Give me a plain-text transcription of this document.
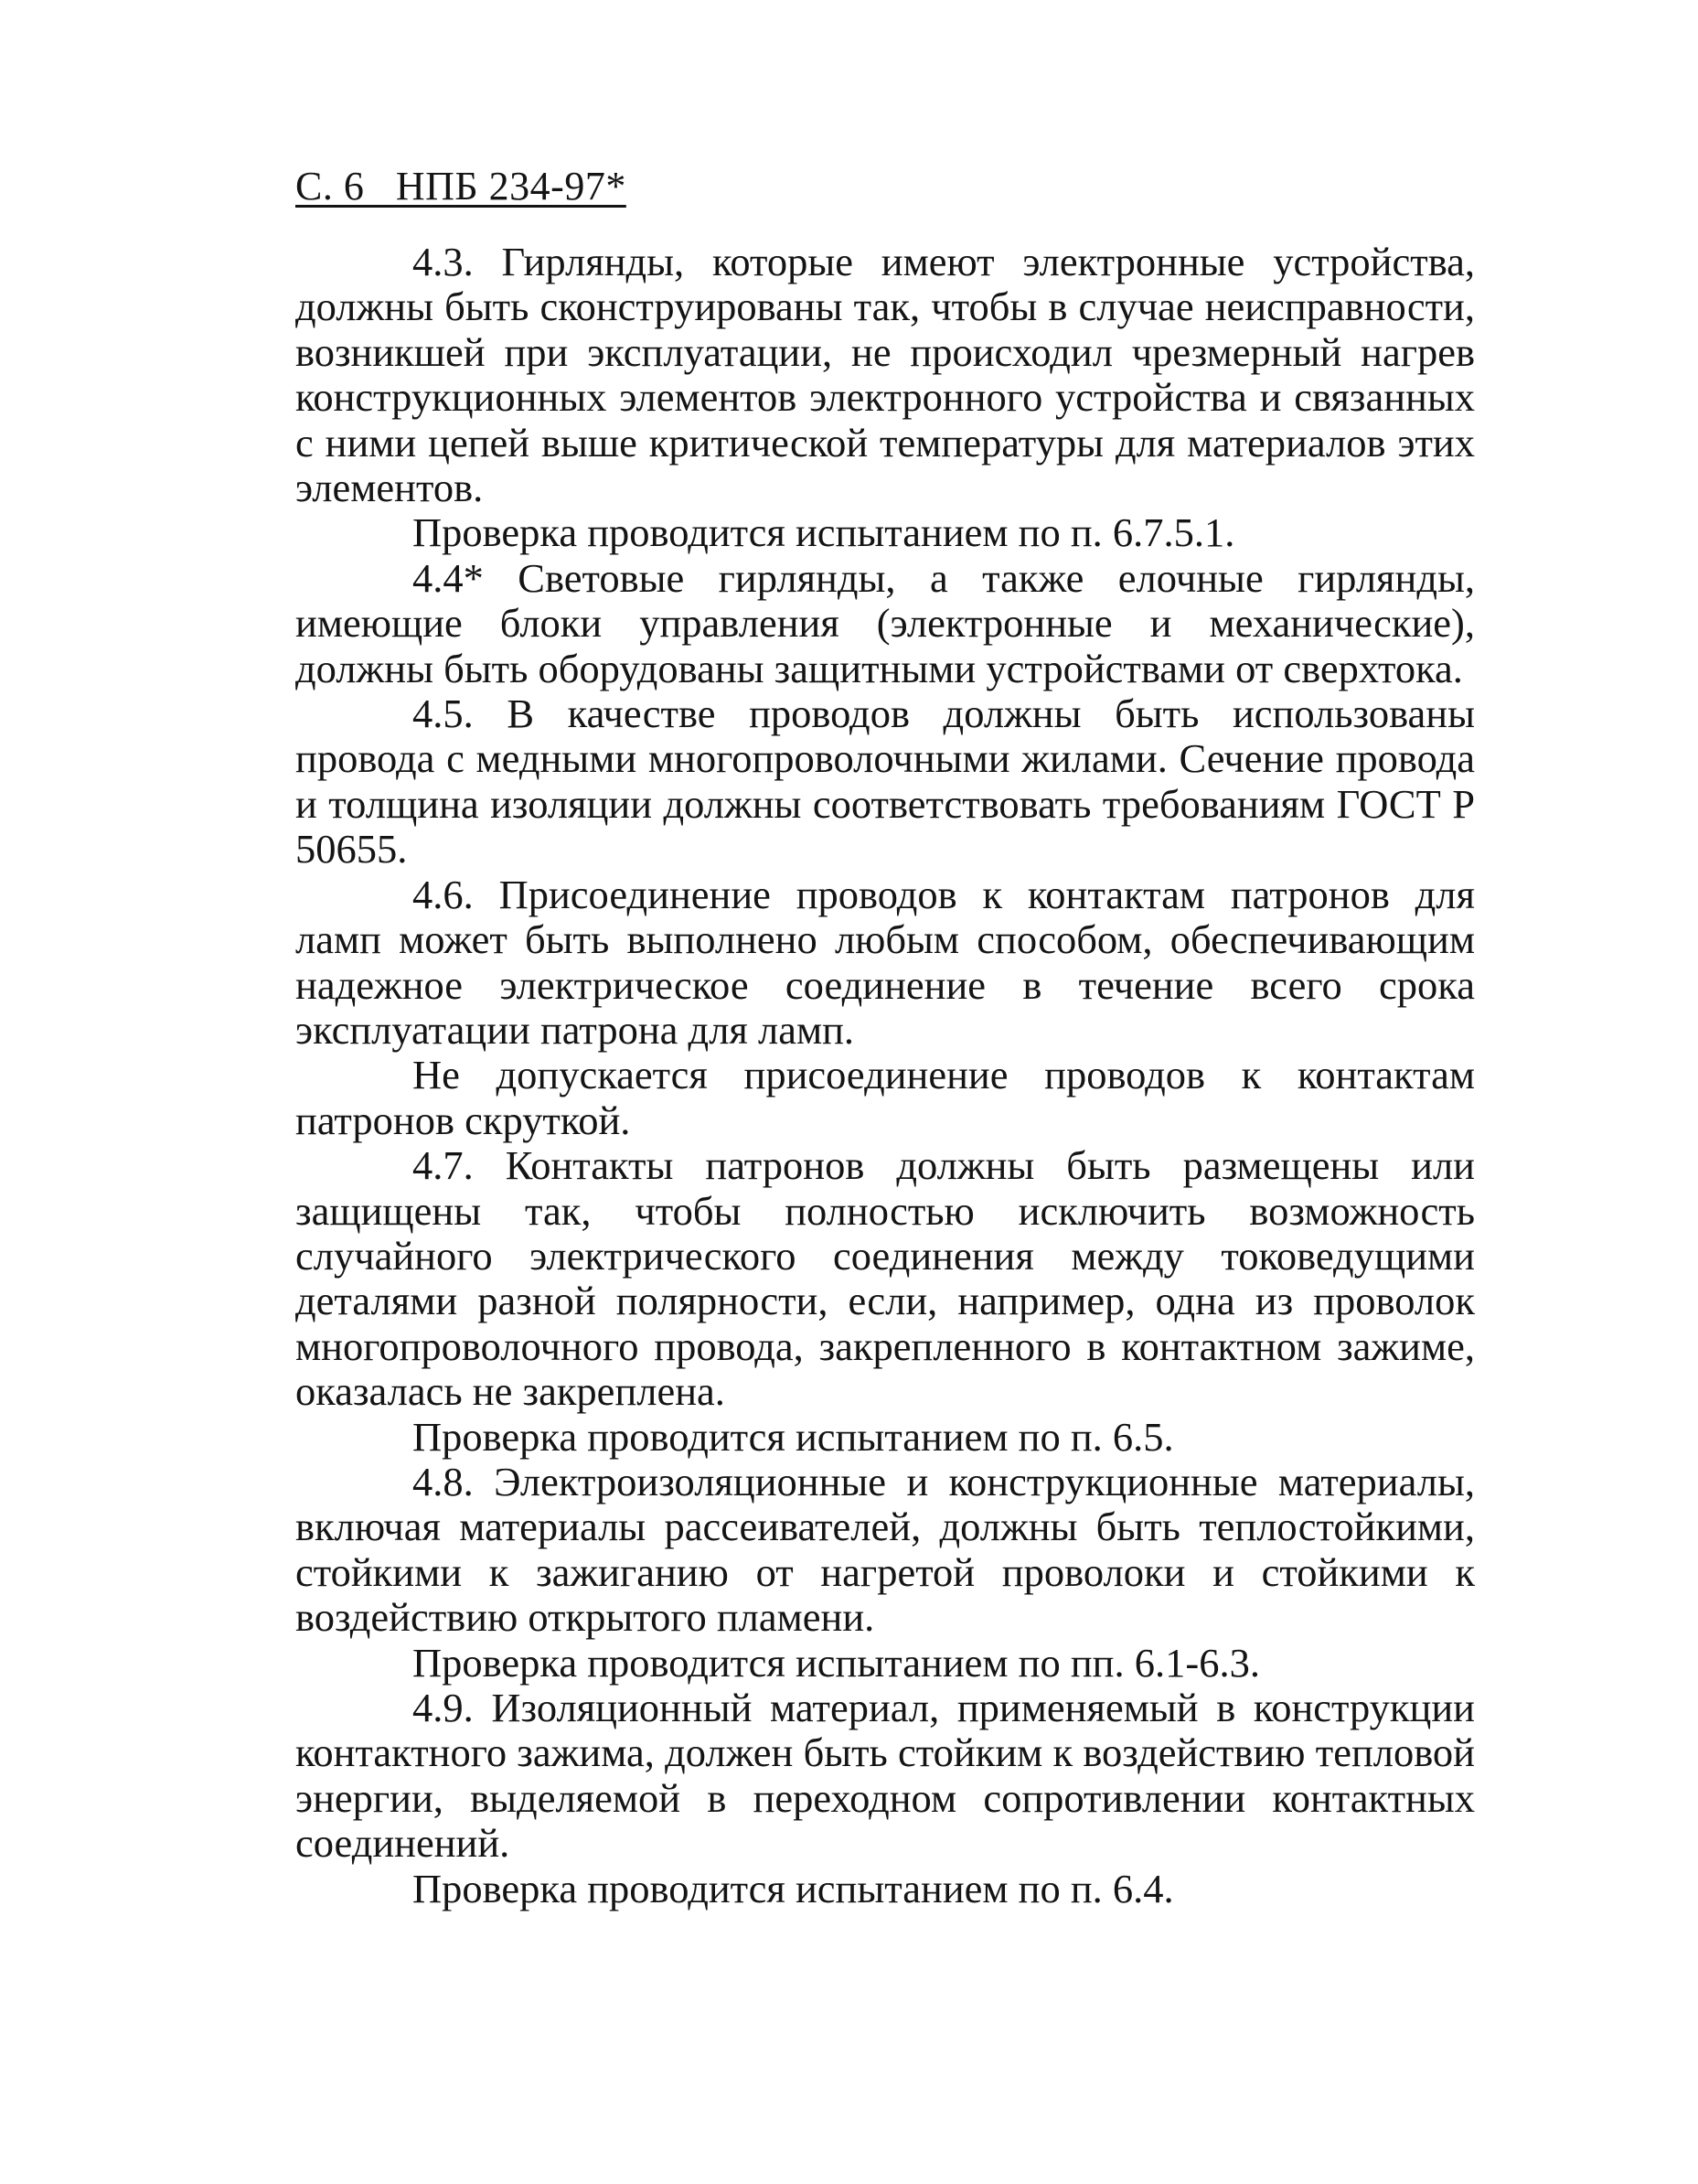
С. 6   НПБ 234-97*

4.3. Гирлянды, которые имеют электронные устройства, должны быть сконструированы так, чтобы в случае неисправности, возникшей при эксплуатации, не происходил чрезмерный нагрев конструкционных элементов электронного устройства и связанных с ними цепей выше критической температуры для материалов этих элементов.

Проверка проводится испытанием по п. 6.7.5.1.

4.4* Световые гирлянды, а также елочные гирлянды, имеющие блоки управления (электронные и механические), должны быть оборудованы защитными устройствами от сверхтока.

4.5. В качестве проводов должны быть использованы провода с медными многопроволочными жилами. Сечение провода и толщина изоляции должны соответствовать требованиям ГОСТ Р 50655.

4.6. Присоединение проводов к контактам патронов для ламп может быть выполнено любым способом, обеспечивающим надежное электрическое соединение в течение всего срока эксплуатации патрона для ламп.

Не допускается присоединение проводов к контактам патронов скруткой.

4.7. Контакты патронов должны быть размещены или защищены так, чтобы полностью исключить возможность случайного электрического соединения между токоведущими деталями разной полярности, если, например, одна из проволок многопроволочного провода, закрепленного в контактном зажиме, оказалась не закреплена.

Проверка проводится испытанием по п. 6.5.

4.8. Электроизоляционные и конструкционные материалы, включая материалы рассеивателей, должны быть теплостойкими, стойкими к зажиганию от нагретой проволоки и стойкими к воздействию открытого пламени.

Проверка проводится испытанием по пп. 6.1-6.3.

4.9. Изоляционный материал, применяемый в конструкции контактного зажима, должен быть стойким к воздействию тепловой энергии, выделяемой в переходном сопротивлении контактных соединений.

Проверка проводится испытанием по п. 6.4.
